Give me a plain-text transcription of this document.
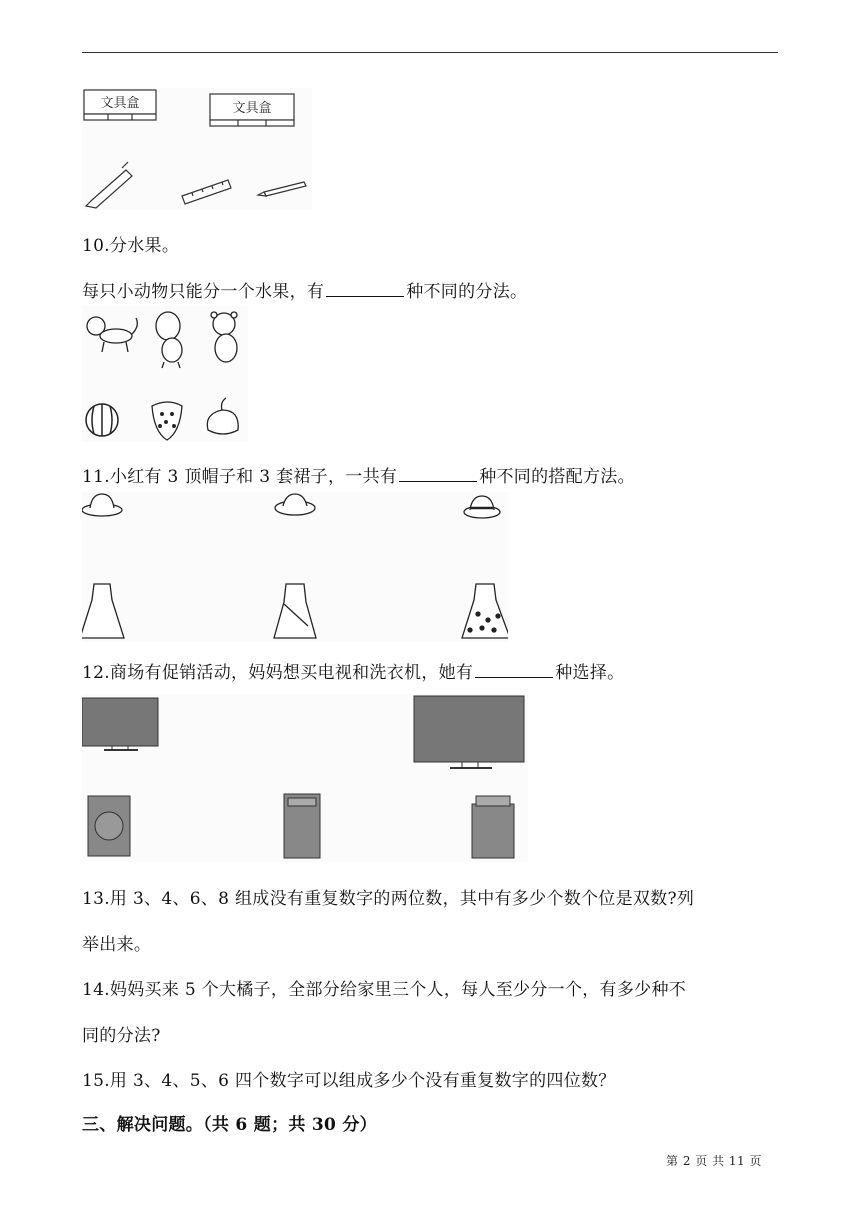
文具盒	文具盒
10.分水果。
每只小动物只能分一个水果，有	种不同的分法。
11.小红有 3 顶帽子和 3 套裙子，一共有	种不同的搭配方法。
12.商场有促销活动，妈妈想买电视和洗衣机，她有	种选择。
13.用 3、4、6、8 组成没有重复数字的两位数，其中有多少个数个位是双数?列
举出来。
14.妈妈买来 5 个大橘子，全部分给家里三个人，每人至少分一个，有多少种不
同的分法?
15.用 3、4、5、6 四个数字可以组成多少个没有重复数字的四位数？
三、解决问题。（共 6 题；共 30 分）
第 2 页 共 11 页
